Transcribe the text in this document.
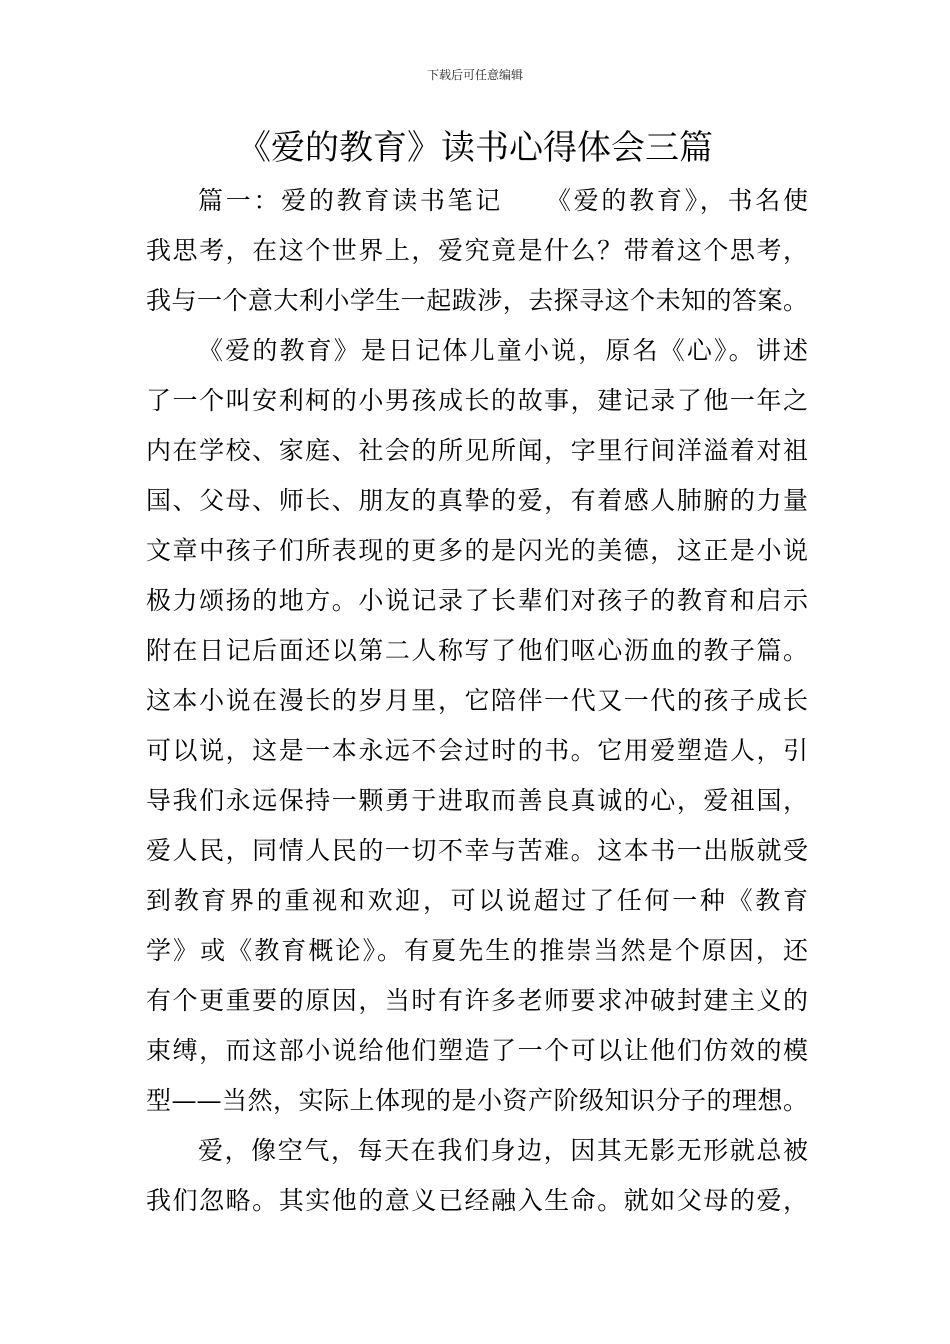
下载后可任意编辑
《爱的教育》读书心得体会三篇
篇一：爱的教育读书笔记　　《爱的教育》，书名使
我思考，在这个世界上，爱究竟是什么？带着这个思考，
我与一个意大利小学生一起跋涉，去探寻这个未知的答案。
《爱的教育》是日记体儿童小说，原名《心》。讲述
了一个叫安利柯的小男孩成长的故事，建记录了他一年之
内在学校、家庭、社会的所见所闻，字里行间洋溢着对祖
国、父母、师长、朋友的真挚的爱，有着感人肺腑的力量
文章中孩子们所表现的更多的是闪光的美德，这正是小说
极力颂扬的地方。小说记录了长辈们对孩子的教育和启示
附在日记后面还以第二人称写了他们呕心沥血的教子篇。
这本小说在漫长的岁月里，它陪伴一代又一代的孩子成长
可以说，这是一本永远不会过时的书。它用爱塑造人，引
导我们永远保持一颗勇于进取而善良真诚的心，爱祖国，
爱人民，同情人民的一切不幸与苦难。这本书一出版就受
到教育界的重视和欢迎，可以说超过了任何一种《教育
学》或《教育概论》。有夏先生的推崇当然是个原因，还
有个更重要的原因，当时有许多老师要求冲破封建主义的
束缚，而这部小说给他们塑造了一个可以让他们仿效的模
型——当然，实际上体现的是小资产阶级知识分子的理想。
爱，像空气，每天在我们身边，因其无影无形就总被
我们忽略。其实他的意义已经融入生命。就如父母的爱，
